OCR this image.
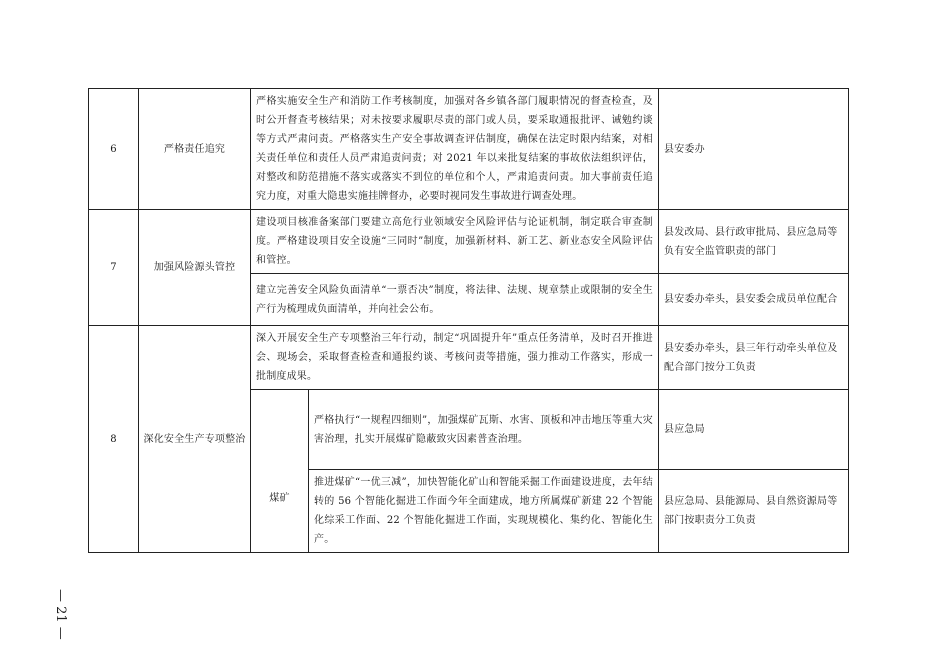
6	严格责任追究	严格实施安全生产和消防工作考核制度，加强对各乡镇各部门履职情况的督查检查，及时公开督查考核结果；对未按要求履职尽责的部门或人员，要采取通报批评、诫勉约谈等方式严肃问责。严格落实生产安全事故调查评估制度，确保在法定时限内结案，对相关责任单位和责任人员严肃追责问责；对 2021 年以来批复结案的事故依法组织评估，对整改和防范措施不落实或落实不到位的单位和个人，严肃追责问责。加大事前责任追究力度，对重大隐患实施挂牌督办，必要时视同发生事故进行调查处理。		县安委办
7	加强风险源头管控	建设项目核准备案部门要建立高危行业领域安全风险评估与论证机制，制定联合审查制度。严格建设项目安全设施“三同时”制度，加强新材料、新工艺、新业态安全风险评估和管控。		县发改局、县行政审批局、县应急局等负有安全监管职责的部门
		建立完善安全风险负面清单“一票否决”制度，将法律、法规、规章禁止或限制的安全生产行为梳理成负面清单，并向社会公布。		县安委办牵头，县安委会成员单位配合
8	深化安全生产专项整治	深入开展安全生产专项整治三年行动，制定“巩固提升年”重点任务清单，及时召开推进会、现场会，采取督查检查和通报约谈、考核问责等措施，强力推动工作落实，形成一批制度成果。		县安委办牵头，县三年行动牵头单位及配合部门按分工负责
		煤矿	严格执行“一规程四细则”，加强煤矿瓦斯、水害、顶板和冲击地压等重大灾害治理，扎实开展煤矿隐蔽致灾因素普查治理。	县应急局
			推进煤矿“一优三减”，加快智能化矿山和智能采掘工作面建设进度，去年结转的 56 个智能化掘进工作面今年全面建成，地方所属煤矿新建 22 个智能化综采工作面、22 个智能化掘进工作面，实现规模化、集约化、智能化生产。	县应急局、县能源局、县自然资源局等部门按职责分工负责
— 21 —
